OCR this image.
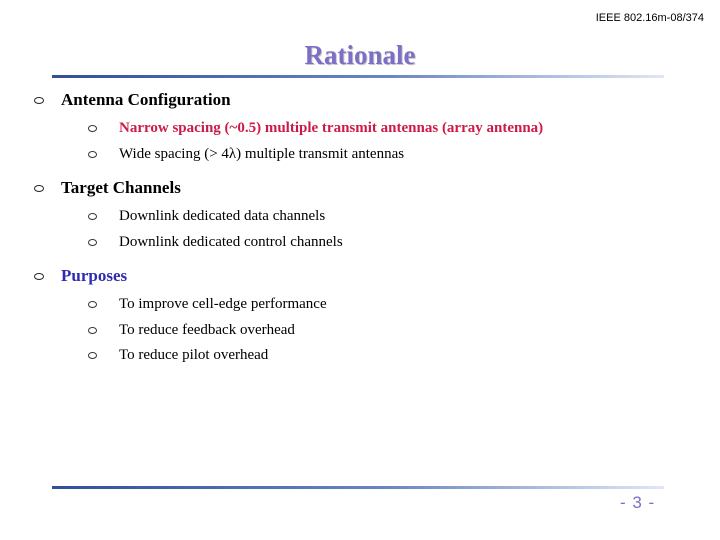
IEEE 802.16m-08/374
Rationale
Antenna Configuration
Narrow spacing (~0.5) multiple transmit antennas (array antenna)
Wide spacing (> 4λ) multiple transmit antennas
Target Channels
Downlink dedicated data channels
Downlink dedicated control channels
Purposes
To improve cell-edge performance
To reduce feedback overhead
To reduce pilot overhead
- 3 -
